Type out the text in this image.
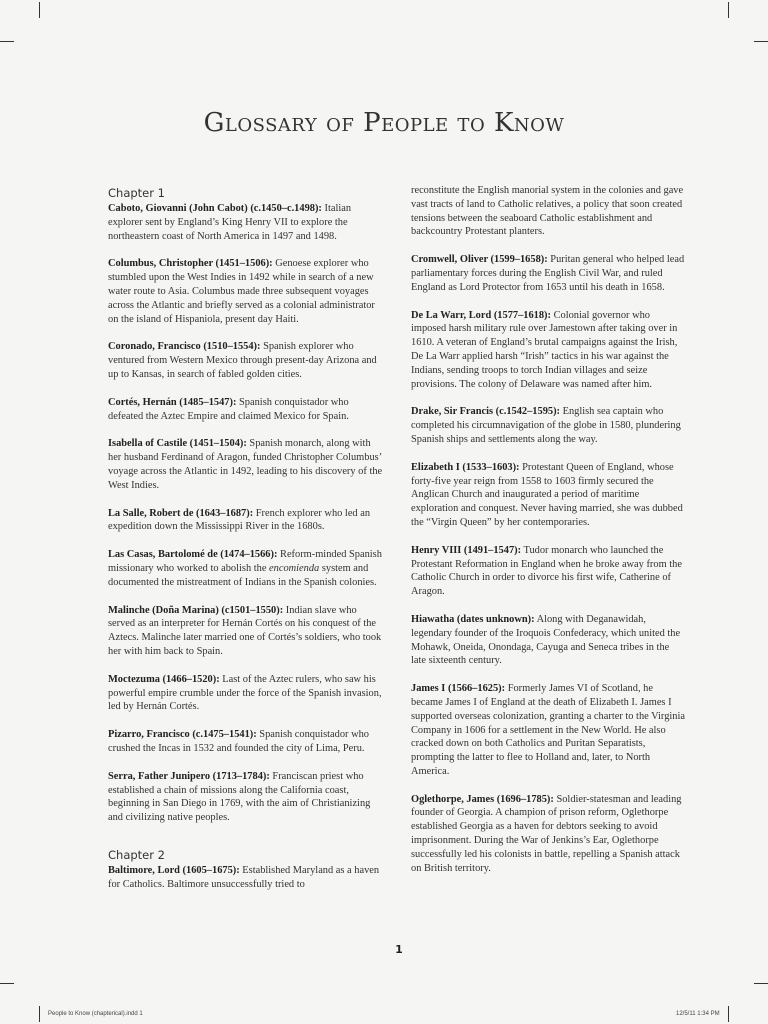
Glossary of People to Know
Chapter 1

Caboto, Giovanni (John Cabot) (c.1450–c.1498): Italian explorer sent by England’s King Henry VII to explore the northeastern coast of North America in 1497 and 1498.

Columbus, Christopher (1451–1506): Genoese explorer who stumbled upon the West Indies in 1492 while in search of a new water route to Asia. Columbus made three subsequent voyages across the Atlantic and briefly served as a colonial administrator on the island of Hispaniola, present day Haiti.

Coronado, Francisco (1510–1554): Spanish explorer who ventured from Western Mexico through present-day Arizona and up to Kansas, in search of fabled golden cities.

Cortés, Hernán (1485–1547): Spanish conquistador who defeated the Aztec Empire and claimed Mexico for Spain.

Isabella of Castile (1451–1504): Spanish monarch, along with her husband Ferdinand of Aragon, funded Christopher Columbus’ voyage across the Atlantic in 1492, leading to his discovery of the West Indies.

La Salle, Robert de (1643–1687): French explorer who led an expedition down the Mississippi River in the 1680s.

Las Casas, Bartolomé de (1474–1566): Reform-minded Spanish missionary who worked to abolish the encomienda system and documented the mistreatment of Indians in the Spanish colonies.

Malinche (Doña Marina) (c1501–1550): Indian slave who served as an interpreter for Hernán Cortés on his conquest of the Aztecs. Malinche later married one of Cortés’s soldiers, who took her with him back to Spain.

Moctezuma (1466–1520): Last of the Aztec rulers, who saw his powerful empire crumble under the force of the Spanish invasion, led by Hernán Cortés.

Pizarro, Francisco (c.1475–1541): Spanish conquistador who crushed the Incas in 1532 and founded the city of Lima, Peru.

Serra, Father Junipero (1713–1784): Franciscan priest who established a chain of missions along the California coast, beginning in San Diego in 1769, with the aim of Christianizing and civilizing native peoples.

Chapter 2

Baltimore, Lord (1605–1675): Established Maryland as a haven for Catholics. Baltimore unsuccessfully tried to

reconstitute the English manorial system in the colonies and gave vast tracts of land to Catholic relatives, a policy that soon created tensions between the seaboard Catholic establishment and backcountry Protestant planters.

Cromwell, Oliver (1599–1658): Puritan general who helped lead parliamentary forces during the English Civil War, and ruled England as Lord Protector from 1653 until his death in 1658.

De La Warr, Lord (1577–1618): Colonial governor who imposed harsh military rule over Jamestown after taking over in 1610. A veteran of England’s brutal campaigns against the Irish, De La Warr applied harsh “Irish” tactics in his war against the Indians, sending troops to torch Indian villages and seize provisions. The colony of Delaware was named after him.

Drake, Sir Francis (c.1542–1595): English sea captain who completed his circumnavigation of the globe in 1580, plundering Spanish ships and settlements along the way.

Elizabeth I (1533–1603): Protestant Queen of England, whose forty-five year reign from 1558 to 1603 firmly secured the Anglican Church and inaugurated a period of maritime exploration and conquest. Never having married, she was dubbed the “Virgin Queen” by her contemporaries.

Henry VIII (1491–1547): Tudor monarch who launched the Protestant Reformation in England when he broke away from the Catholic Church in order to divorce his first wife, Catherine of Aragon.

Hiawatha (dates unknown): Along with Deganawidah, legendary founder of the Iroquois Confederacy, which united the Mohawk, Oneida, Onondaga, Cayuga and Seneca tribes in the late sixteenth century.

James I (1566–1625): Formerly James VI of Scotland, he became James I of England at the death of Elizabeth I. James I supported overseas colonization, granting a charter to the Virginia Company in 1606 for a settlement in the New World. He also cracked down on both Catholics and Puritan Separatists, prompting the latter to flee to Holland and, later, to North America.

Oglethorpe, James (1696–1785): Soldier-statesman and leading founder of Georgia. A champion of prison reform, Oglethorpe established Georgia as a haven for debtors seeking to avoid imprisonment. During the War of Jenkins’s Ear, Oglethorpe successfully led his colonists in battle, repelling a Spanish attack on British territory.

1
People to Know (chapterical).indd 1	12/5/11 1:34 PM
